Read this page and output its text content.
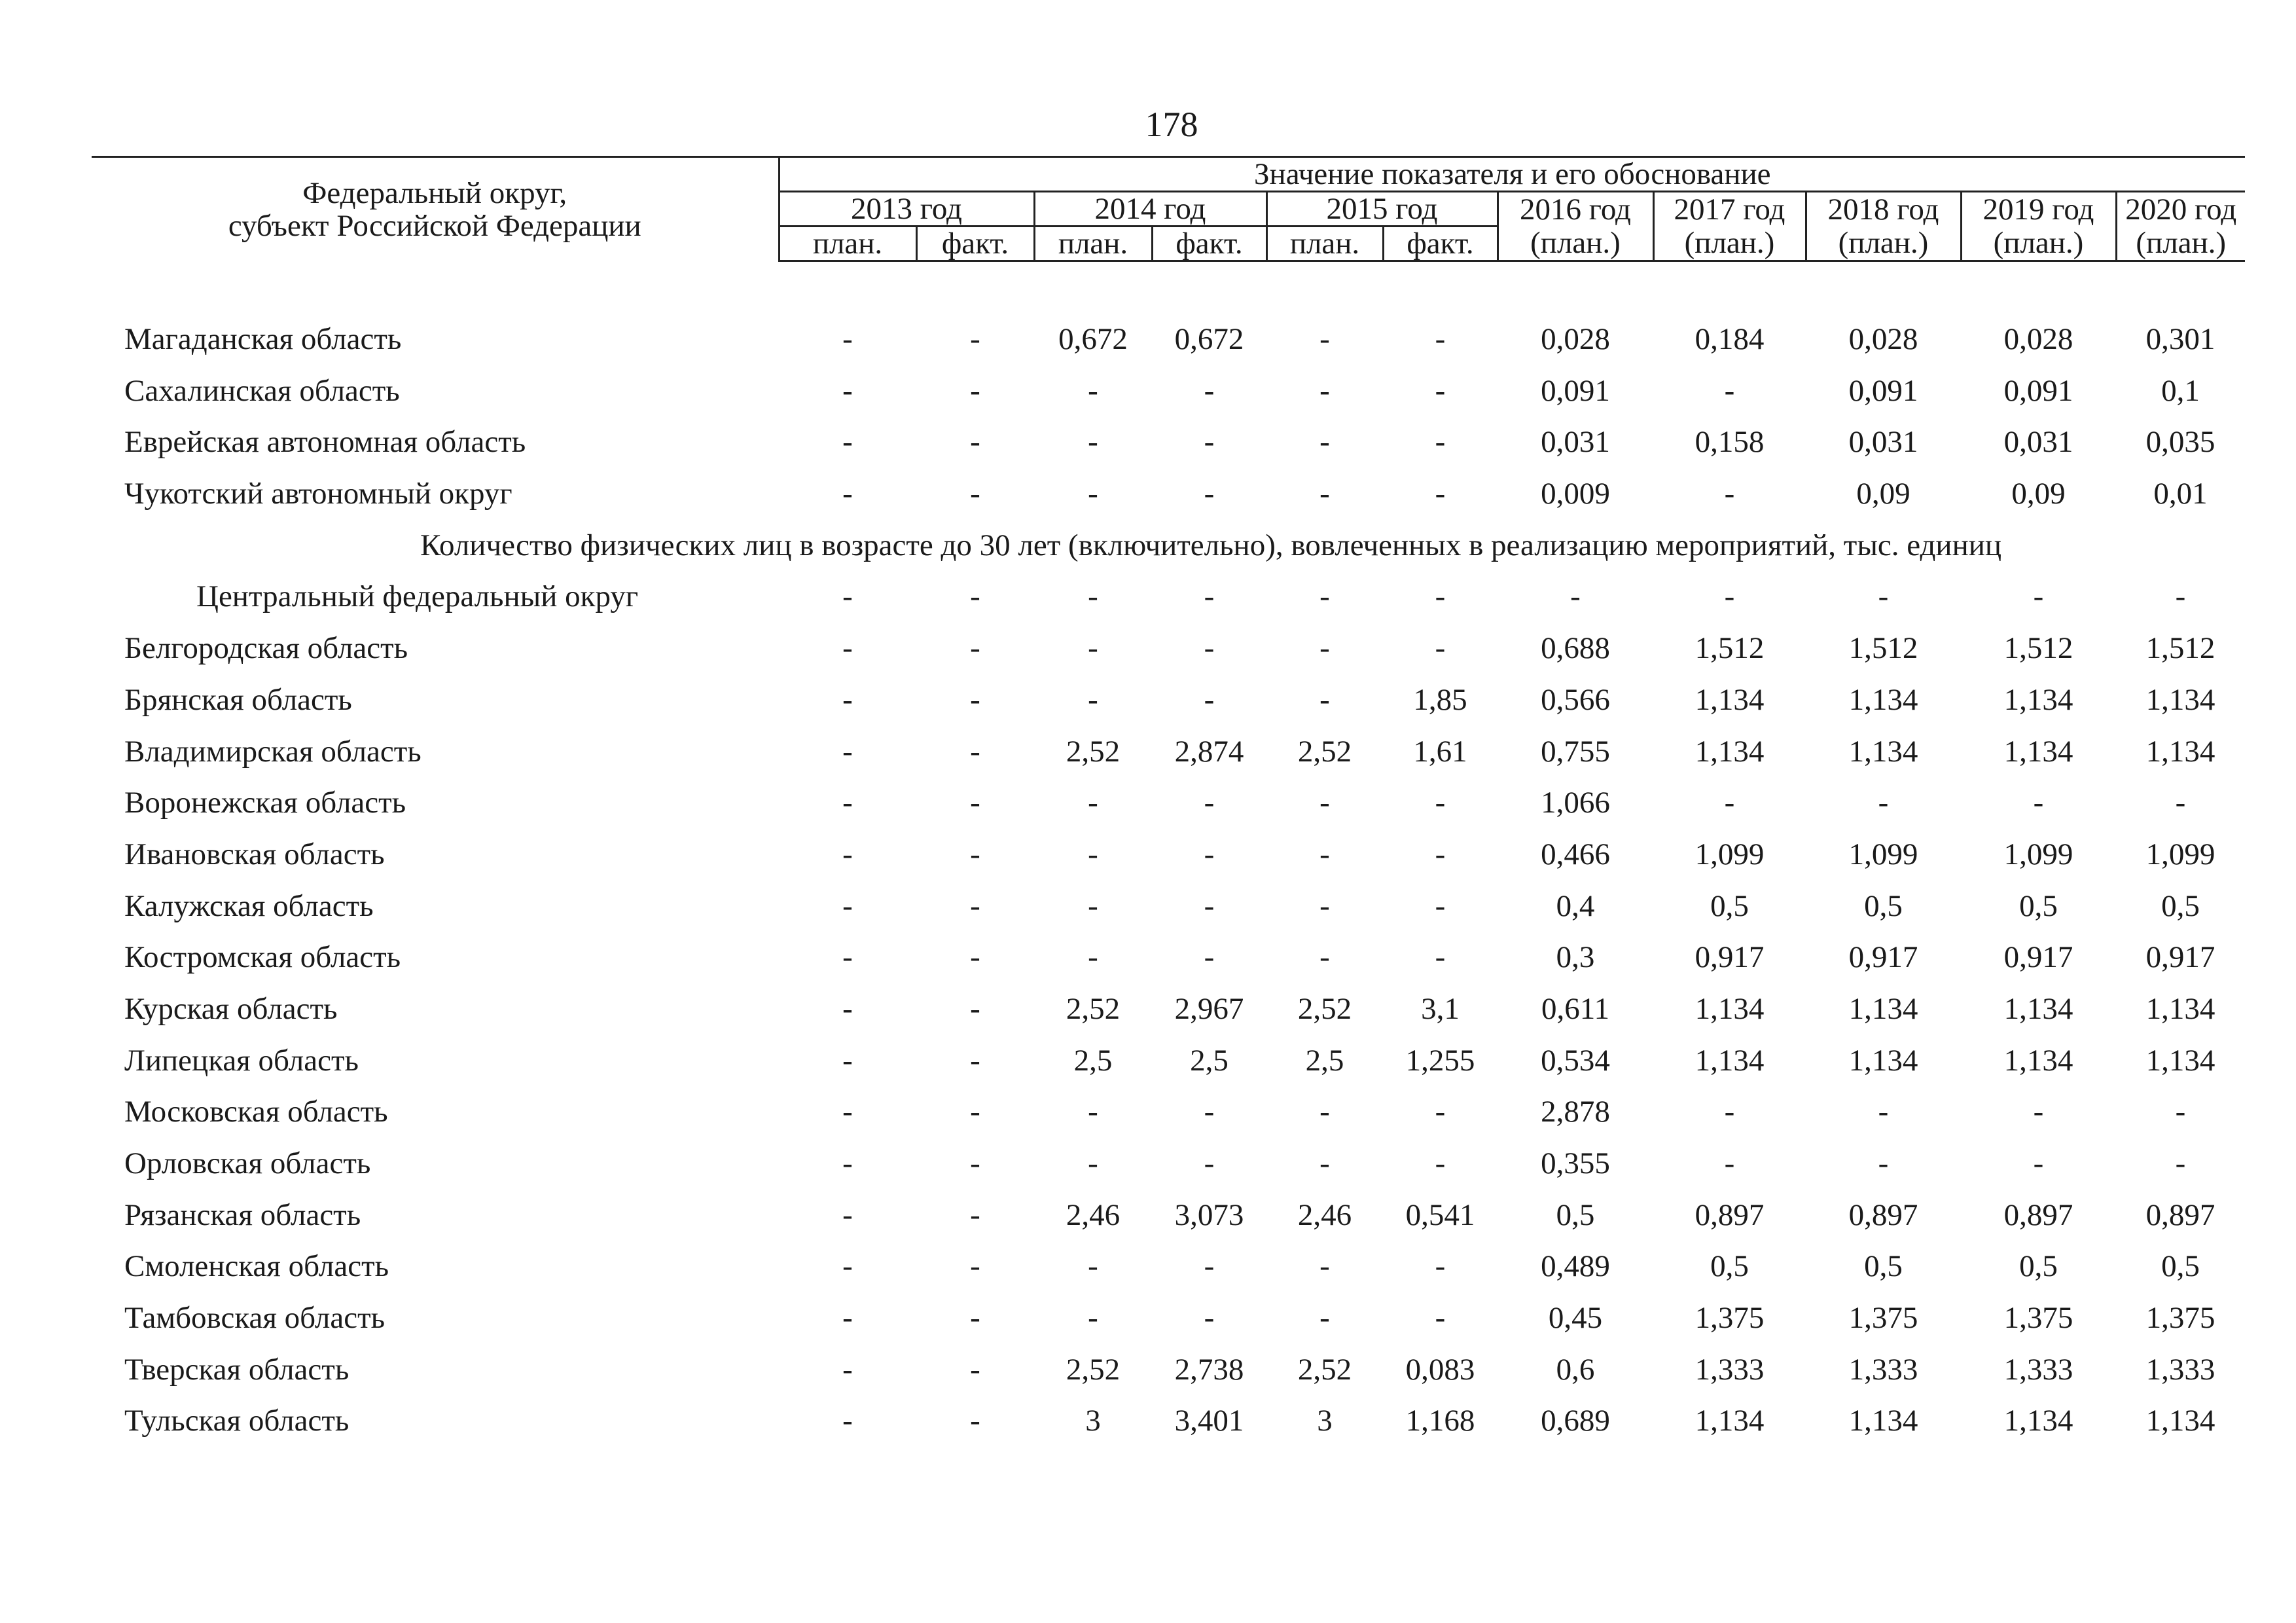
178
Федеральный округ,
субъект Российской Федерации	Значение показателя и его обоснование										
	2013 год		2014 год		2015 год		2016 год	2017 год	2018 год	2019 год	2020 год
	план.	факт.	план.	факт.	план.	факт.	(план.)	(план.)	(план.)	(план.)	(план.)

Магаданская область	-	-	0,672	0,672	-	-	0,028	0,184	0,028	0,028	0,301
Сахалинская область	-	-	-	-	-	-	0,091	-	0,091	0,091	0,1
Еврейская автономная область	-	-	-	-	-	-	0,031	0,158	0,031	0,031	0,035
Чукотский автономный округ	-	-	-	-	-	-	0,009	-	0,09	0,09	0,01
Количество физических лиц в возрасте до 30 лет (включительно), вовлеченных в реализацию мероприятий, тыс. единиц											
Центральный федеральный округ	-	-	-	-	-	-	-	-	-	-	-
Белгородская область	-	-	-	-	-	-	0,688	1,512	1,512	1,512	1,512
Брянская область	-	-	-	-	-	1,85	0,566	1,134	1,134	1,134	1,134
Владимирская область	-	-	2,52	2,874	2,52	1,61	0,755	1,134	1,134	1,134	1,134
Воронежская область	-	-	-	-	-	-	1,066	-	-	-	-
Ивановская область	-	-	-	-	-	-	0,466	1,099	1,099	1,099	1,099
Калужская область	-	-	-	-	-	-	0,4	0,5	0,5	0,5	0,5
Костромская область	-	-	-	-	-	-	0,3	0,917	0,917	0,917	0,917
Курская область	-	-	2,52	2,967	2,52	3,1	0,611	1,134	1,134	1,134	1,134
Липецкая область	-	-	2,5	2,5	2,5	1,255	0,534	1,134	1,134	1,134	1,134
Московская область	-	-	-	-	-	-	2,878	-	-	-	-
Орловская область	-	-	-	-	-	-	0,355	-	-	-	-
Рязанская область	-	-	2,46	3,073	2,46	0,541	0,5	0,897	0,897	0,897	0,897
Смоленская область	-	-	-	-	-	-	0,489	0,5	0,5	0,5	0,5
Тамбовская область	-	-	-	-	-	-	0,45	1,375	1,375	1,375	1,375
Тверская область	-	-	2,52	2,738	2,52	0,083	0,6	1,333	1,333	1,333	1,333
Тульская область	-	-	3	3,401	3	1,168	0,689	1,134	1,134	1,134	1,134
